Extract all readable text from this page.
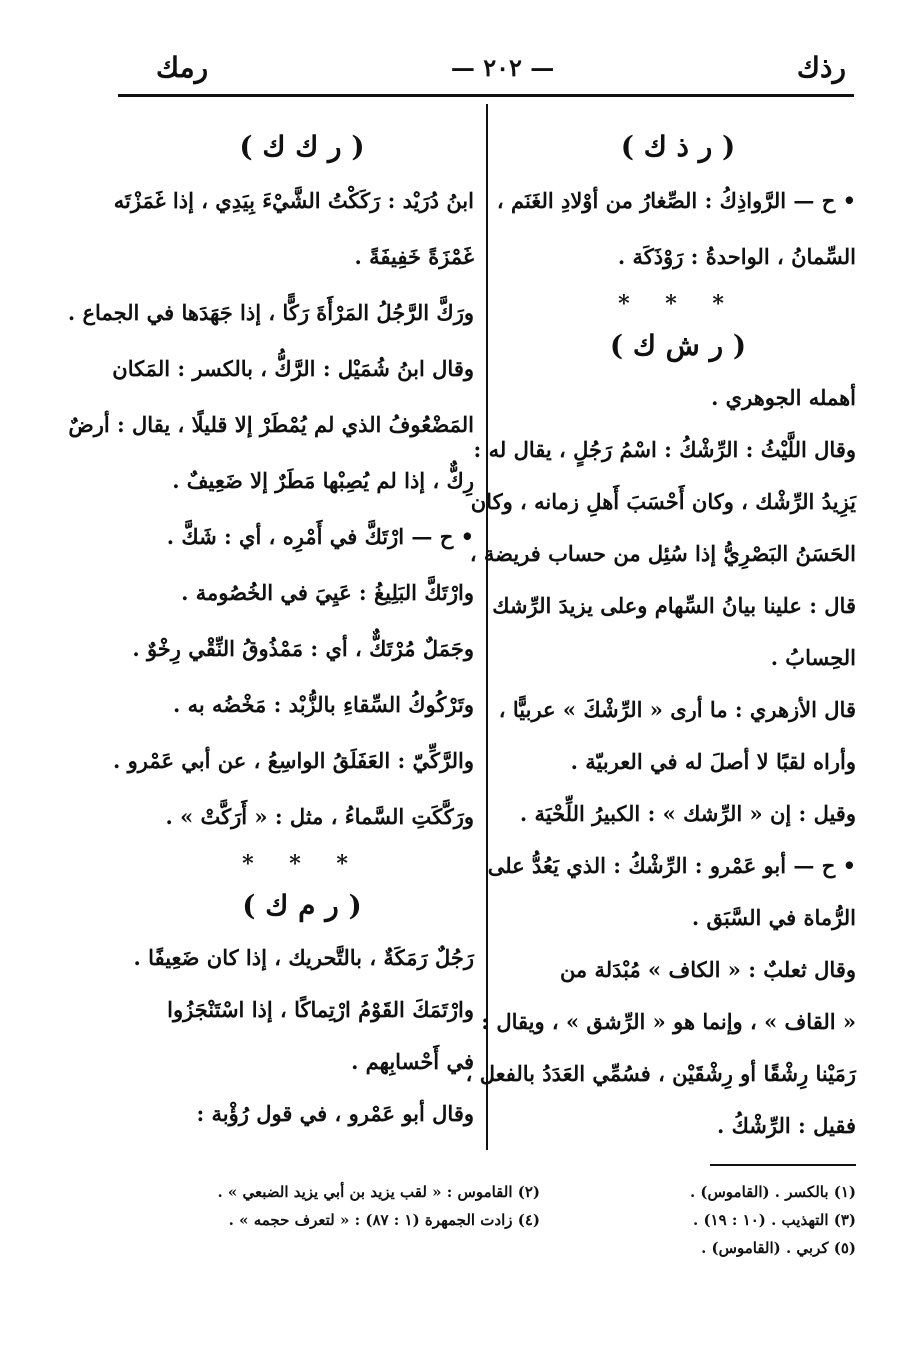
رذك
— ٢٠٢ —
رمك
( ر ذ ك )

• ح — الرَّواذِكُ : الصِّغارُ من أوْلادِ الغَنَم ،

السِّمانُ ، الواحدةُ : رَوْذَكَة .

* * *
( ر ش ك )

أهمله الجوهري .

وقال اللَّيْثُ : الرِّشْكُ : اسْمُ رَجُلٍ ، يقال له :

يَزِيدُ الرِّشْك ، وكان أَحْسَبَ أَهلِ زمانه ، وكان

الحَسَنُ البَصْرِيُّ إذا سُئِل من حساب فريضة ،

قال : علينا بيانُ السِّهام وعلى يزيدَ الرِّشك

الحِسابُ .

قال الأزهري : ما أرى « الرِّشْكَ » عربيًّا ،

وأراه لقبًا لا أصلَ له في العربيّة .

وقيل : إن « الرِّشك » : الكبيرُ اللِّحْيَة .

• ح — أبو عَمْرو : الرِّشْكُ : الذي يَعُدُّ على

الرُّماة في السَّبَق .

وقال ثعلبٌ : « الكاف » مُبْدَلة من

« القاف » ، وإنما هو « الرِّشق » ، ويقال :

رَمَيْنا رِشْقًا أو رِشْقَيْن ، فسُمِّي العَدَدُ بالفعل ،

فقيل : الرِّشْكُ .

( ر ك ك )

ابنُ دُرَيْد : رَكَكْتُ الشَّيْءَ بِيَدِي ، إذا غَمَزْتَه

غَمْزَةً خَفِيفَةً .

ورَكَّ الرَّجُلُ المَرْأَةَ رَكًّا ، إذا جَهَدَها في الجماع .

وقال ابنُ شُمَيْل : الرَّكُّ ، بالكسر : المَكان

المَضْعُوفُ الذي لم يُمْطَرْ إلا قليلًا ، يقال : أرضٌ

رِكٌّ ، إذا لم يُصِبْها مَطَرٌ إلا ضَعِيفٌ .

• ح — ارْتَكَّ في أَمْرِه ، أي : شَكَّ .

وارْتَكَّ البَلِيغُ : عَيِيَ في الخُصُومة .

وجَمَلٌ مُرْتَكٌّ ، أي : مَمْذُوقُ النِّقْي رِخْوٌ .

وتَرْكُوكُ السِّقاءِ بالزُّبْد : مَخْضُه به .

والرَّكِّيّ : العَفَلَقُ الواسِعُ ، عن أبي عَمْرو .

ورَكَّكَتِ السَّماءُ ، مثل : « أَرَكَّتْ » .

* * *
( ر م ك )

رَجُلٌ رَمَكَةٌ ، بالتَّحريك ، إذا كان ضَعِيفًا .

وارْتَمَكَ القَوْمُ ارْتِماكًا ، إذا اسْتَنْجَزُوا

في أَحْسابِهم .

وقال أبو عَمْرو ، في قول رُؤْبة :

(١) بالكسر . (القاموس) .
(٣) التهذيب . (١٠ : ١٩) .
(٥) كربي . (القاموس) .
(٢) القاموس : « لقب يزيد بن أبي يزيد الضبعي » .
(٤) زادت الجمهرة (١ : ٨٧) : « لتعرف حجمه » .
